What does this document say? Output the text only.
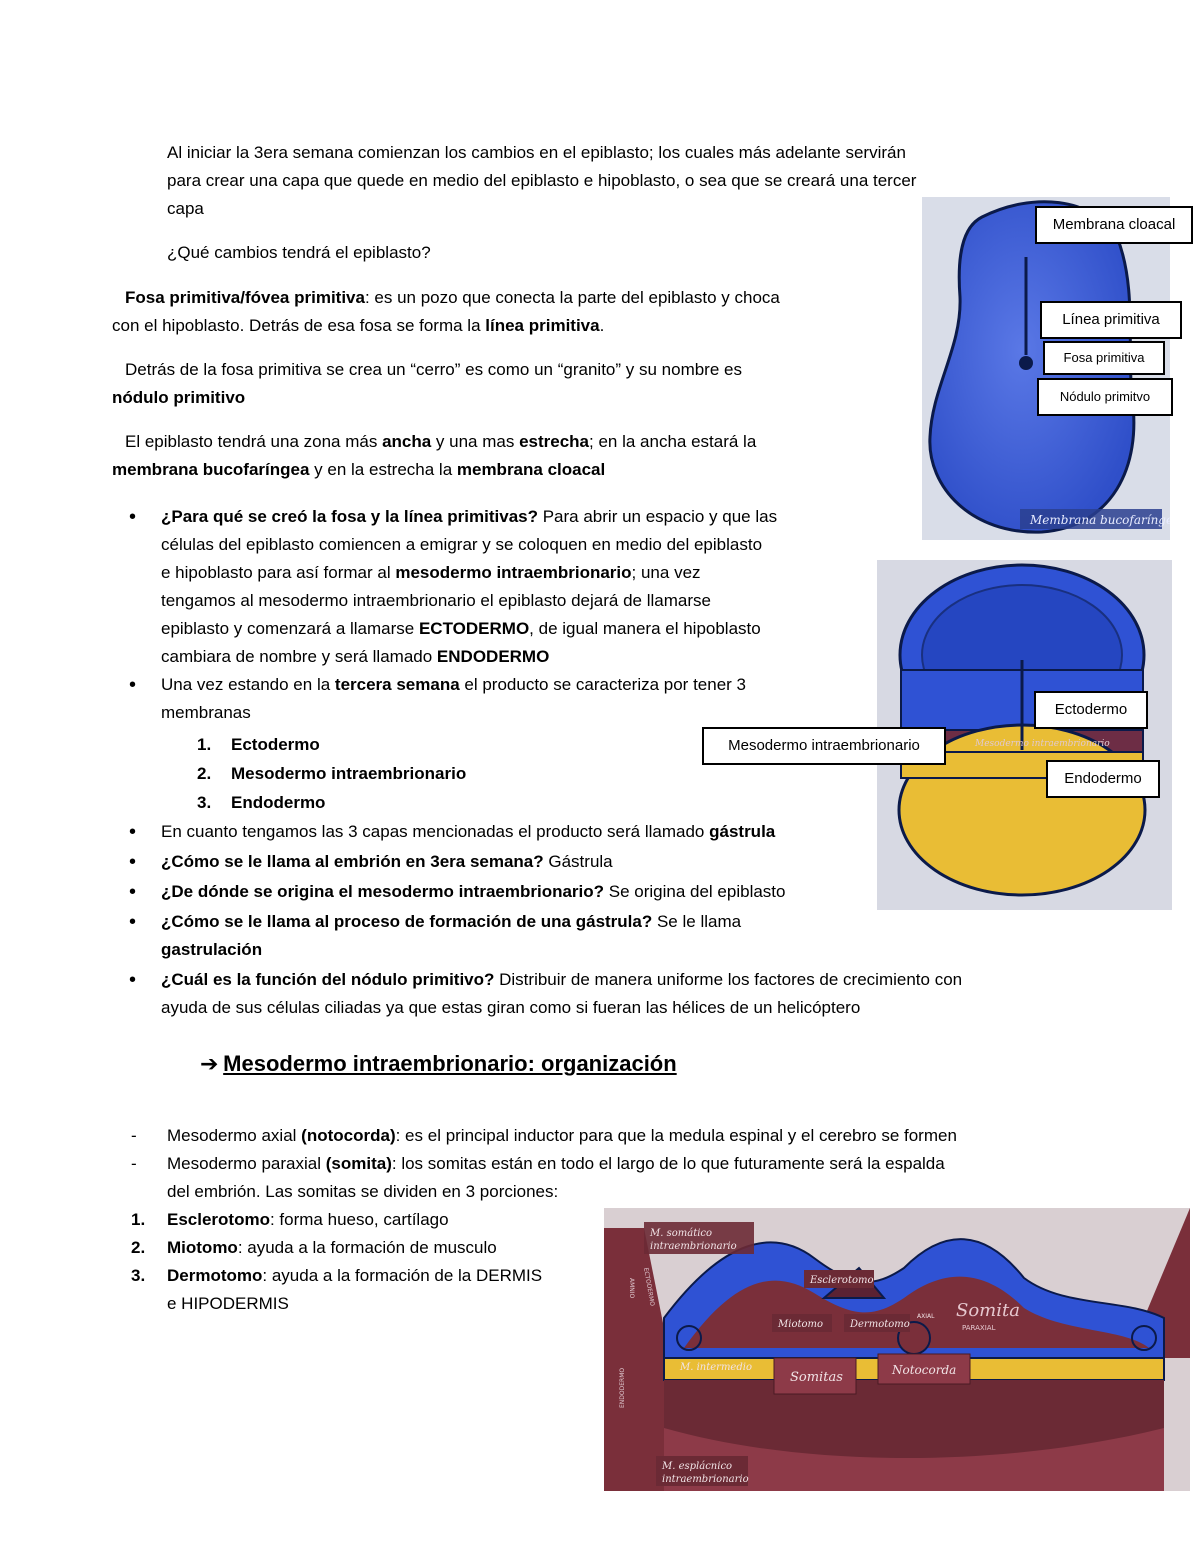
Al iniciar la 3era semana comienzan los cambios en el epiblasto; los cuales más adelante servirán
para crear una capa que quede en medio del epiblasto e hipoblasto, o sea que se creará una tercer
capa
¿Qué cambios tendrá el epiblasto?
Fosa primitiva/fóvea primitiva: es un pozo que conecta la parte del epiblasto y choca
con el hipoblasto. Detrás de esa fosa se forma la línea primitiva.
Detrás de la fosa primitiva se crea un “cerro” es como un “granito” y su nombre es
nódulo primitivo
El epiblasto tendrá una zona más ancha y una mas estrecha; en la ancha estará la
membrana bucofaríngea y en la estrecha la membrana cloacal
• ¿Para qué se creó la fosa y la línea primitivas? Para abrir un espacio y que las
células del epiblasto comiencen a emigrar y se coloquen en medio del epiblasto
e hipoblasto para así formar al mesodermo intraembrionario; una vez
tengamos al mesodermo intraembrionario el epiblasto dejará de llamarse
epiblasto y comenzará a llamarse ECTODERMO, de igual manera el hipoblasto
cambiara de nombre y será llamado ENDODERMO
• Una vez estando en la tercera semana el producto se caracteriza por tener 3
membranas
1. Ectodermo
2. Mesodermo intraembrionario
3. Endodermo
• En cuanto tengamos las 3 capas mencionadas el producto será llamado gástrula
• ¿Cómo se le llama al embrión en 3era semana? Gástrula
• ¿De dónde se origina el mesodermo intraembrionario? Se origina del epiblasto
• ¿Cómo se le llama al proceso de formación de una gástrula? Se le llama
gastrulación
• ¿Cuál es la función del nódulo primitivo? Distribuir de manera uniforme los factores de crecimiento con
ayuda de sus células ciliadas ya que estas giran como si fueran las hélices de un helicóptero
➔ Mesodermo intraembrionario: organización
- Mesodermo axial (notocorda): es el principal inductor para que la medula espinal y el cerebro se formen
- Mesodermo paraxial (somita): los somitas están en todo el largo de lo que futuramente será la espalda
del embrión. Las somitas se dividen en 3 porciones:
1. Esclerotomo: forma hueso, cartílago
2. Miotomo: ayuda a la formación de musculo
3. Dermotomo: ayuda a la formación de la DERMIS
e HIPODERMIS
Membrana bucofaríngea
Membrana cloacal
Línea primitiva
Fosa primitiva
Nódulo primitvo
Mesodermo intraembrionario
Ectodermo
Mesodermo intraembrionario
Endodermo
M. somático
intraembrionario
Esclerotomo
Miotomo	Dermotomo
AXIAL Somita
PARAXIAL
M. intermedio
Somitas	Notocorda
M. esplácnico
intraembrionario
AMNIO ECTODERMO
ENDODERMO
